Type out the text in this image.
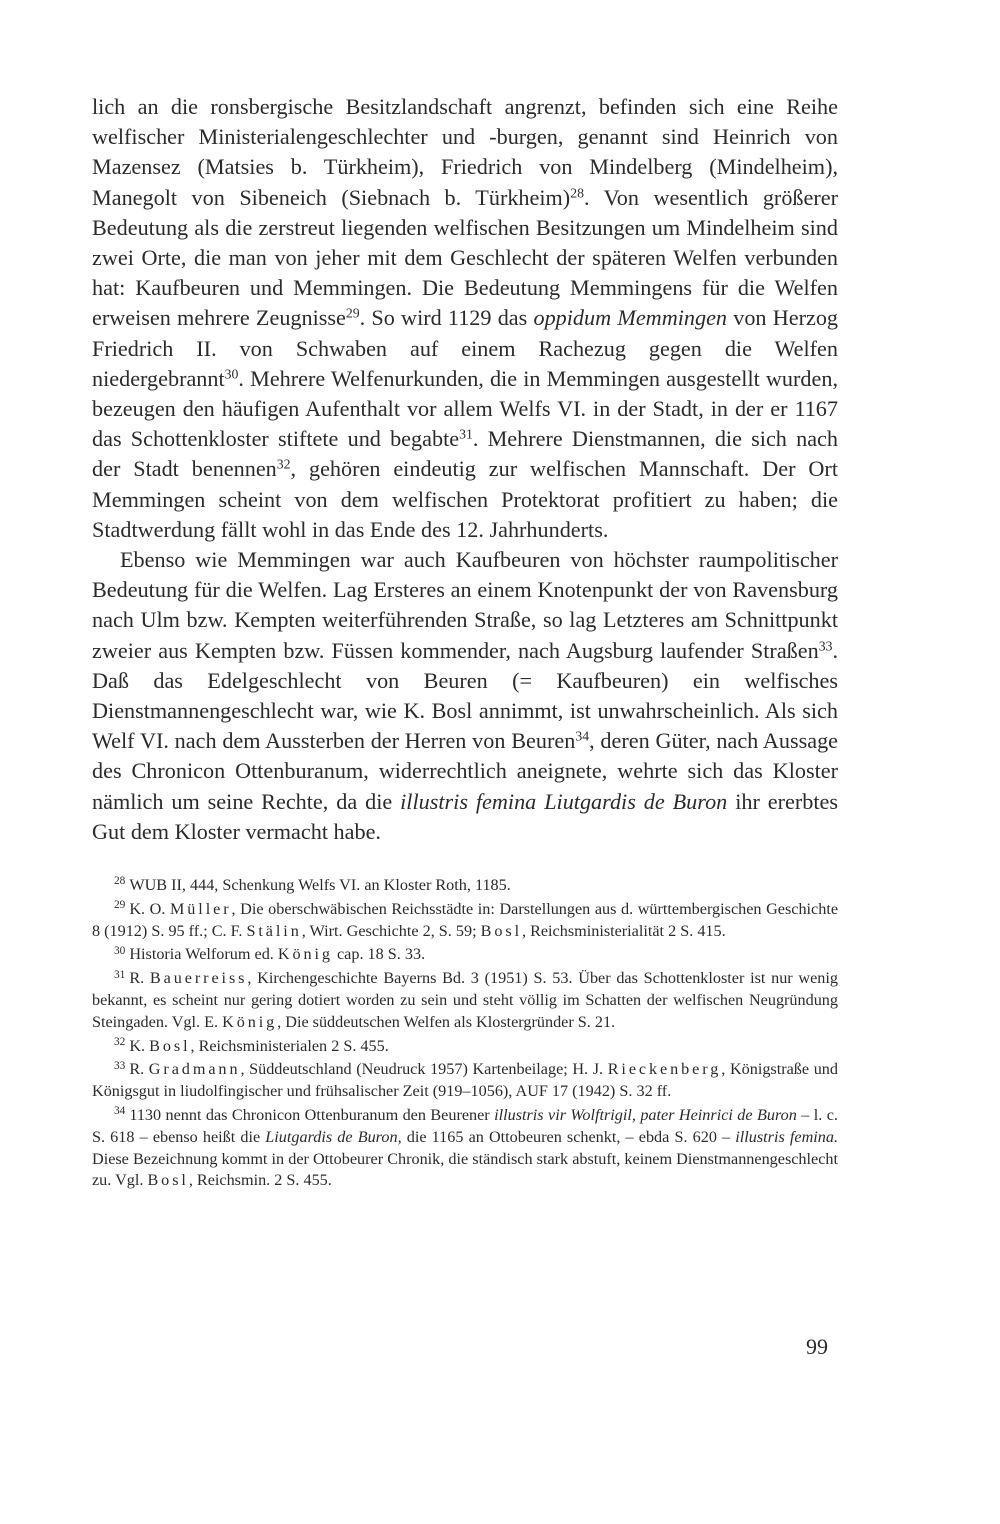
lich an die ronsbergische Besitzlandschaft angrenzt, befinden sich eine Reihe welfischer Ministerialengeschlechter und -burgen, genannt sind Heinrich von Mazensez (Matsies b. Türkheim), Friedrich von Mindelberg (Mindelheim), Manegolt von Sibeneich (Siebnach b. Türkheim)$^{28}$. Von wesentlich größerer Bedeutung als die zerstreut liegenden welfischen Besitzungen um Mindelheim sind zwei Orte, die man von jeher mit dem Geschlecht der späteren Welfen verbunden hat: Kaufbeuren und Memmingen. Die Bedeutung Memmingens für die Welfen erweisen mehrere Zeugnisse$^{29}$. So wird 1129 das oppidum Memmingen von Herzog Friedrich II. von Schwaben auf einem Rachezug gegen die Welfen niedergebrannt$^{30}$. Mehrere Welfenurkunden, die in Memmingen ausgestellt wurden, bezeugen den häufigen Aufenthalt vor allem Welfs VI. in der Stadt, in der er 1167 das Schottenkloster stiftete und begabte$^{31}$. Mehrere Dienstmannen, die sich nach der Stadt benennen$^{32}$, gehören eindeutig zur welfischen Mannschaft. Der Ort Memmingen scheint von dem welfischen Protektorat profitiert zu haben; die Stadtwerdung fällt wohl in das Ende des 12. Jahrhunderts.

Ebenso wie Memmingen war auch Kaufbeuren von höchster raumpolitischer Bedeutung für die Welfen. Lag Ersteres an einem Knotenpunkt der von Ravensburg nach Ulm bzw. Kempten weiterführenden Straße, so lag Letzteres am Schnittpunkt zweier aus Kempten bzw. Füssen kommender, nach Augsburg laufender Straßen$^{33}$. Daß das Edelgeschlecht von Beuren (= Kaufbeuren) ein welfisches Dienstmannengeschlecht war, wie K. Bosl annimmt, ist unwahrscheinlich. Als sich Welf VI. nach dem Aussterben der Herren von Beuren$^{34}$, deren Güter, nach Aussage des Chronicon Ottenburanum, widerrechtlich aneignete, wehrte sich das Kloster nämlich um seine Rechte, da die illustris femina Liutgardis de Buron ihr ererbtes Gut dem Kloster vermacht habe.

$^{28}$ WUB II, 444, Schenkung Welfs VI. an Kloster Roth, 1185.

$^{29}$ K. O. Müller, Die oberschwäbischen Reichsstädte in: Darstellungen aus d. württembergischen Geschichte 8 (1912) S. 95 ff.; C. F. Stälin, Wirt. Geschichte 2, S. 59; Bosl, Reichsministerialität 2 S. 415.

$^{30}$ Historia Welforum ed. König cap. 18 S. 33.

$^{31}$ R. Bauerreiss, Kirchengeschichte Bayerns Bd. 3 (1951) S. 53. Über das Schottenkloster ist nur wenig bekannt, es scheint nur gering dotiert worden zu sein und steht völlig im Schatten der welfischen Neugründung Steingaden. Vgl. E. König, Die süddeutschen Welfen als Klostergründer S. 21.

$^{32}$ K. Bosl, Reichsministerialen 2 S. 455.

$^{33}$ R. Gradmann, Süddeutschland (Neudruck 1957) Kartenbeilage; H. J. Rieckenberg, Königstraße und Königsgut in liudolfingischer und frühsalischer Zeit (919–1056), AUF 17 (1942) S. 32 ff.

$^{34}$ 1130 nennt das Chronicon Ottenburanum den Beurener illustris vir Wolftrigil, pater Heinrici de Buron – l. c. S. 618 – ebenso heißt die Liutgardis de Buron, die 1165 an Ottobeuren schenkt, – ebda S. 620 – illustris femina. Diese Bezeichnung kommt in der Ottobeurer Chronik, die ständisch stark abstuft, keinem Dienstmannengeschlecht zu. Vgl. Bosl, Reichsmin. 2 S. 455.

99
